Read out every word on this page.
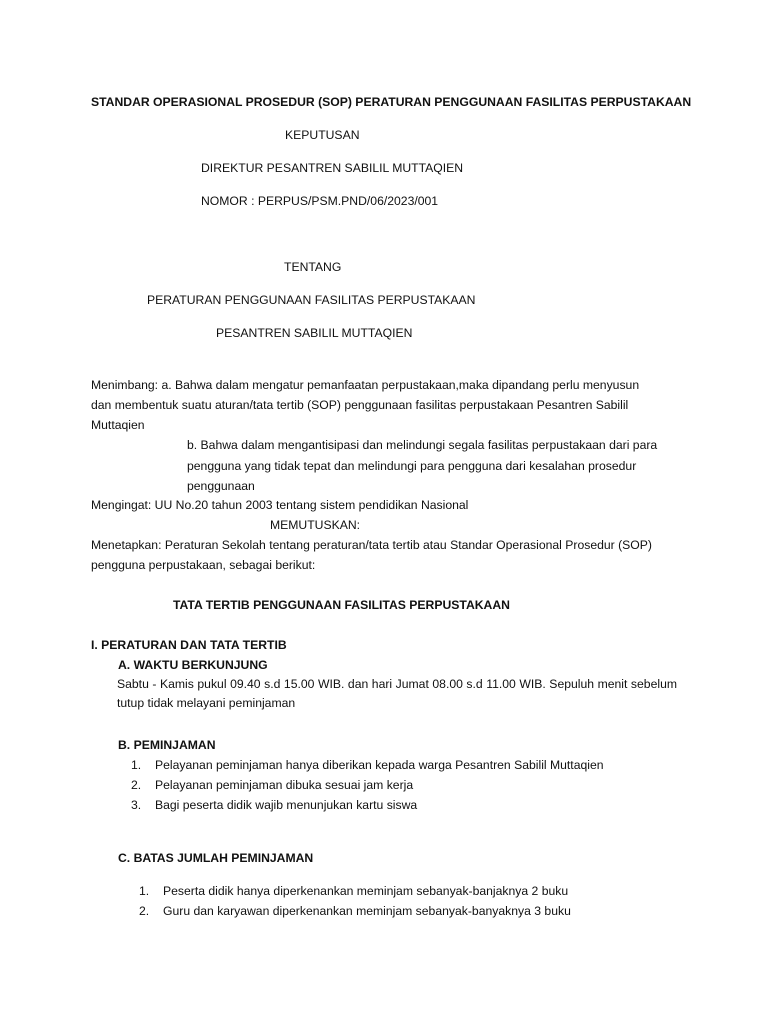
STANDAR OPERASIONAL PROSEDUR (SOP) PERATURAN PENGGUNAAN FASILITAS PERPUSTAKAAN
KEPUTUSAN
DIREKTUR PESANTREN SABILIL MUTTAQIEN
NOMOR : PERPUS/PSM.PND/06/2023/001
TENTANG
PERATURAN PENGGUNAAN FASILITAS PERPUSTAKAAN
PESANTREN SABILIL MUTTAQIEN
Menimbang: a. Bahwa dalam mengatur pemanfaatan perpustakaan,maka dipandang perlu menyusun
dan membentuk suatu aturan/tata tertib (SOP) penggunaan fasilitas perpustakaan Pesantren Sabilil
Muttaqien
b. Bahwa dalam mengantisipasi dan melindungi segala fasilitas perpustakaan dari para
pengguna yang tidak tepat dan melindungi para pengguna dari kesalahan prosedur
penggunaan
Mengingat: UU No.20 tahun 2003 tentang sistem pendidikan Nasional
MEMUTUSKAN:
Menetapkan: Peraturan Sekolah tentang peraturan/tata tertib atau Standar Operasional Prosedur (SOP)
pengguna perpustakaan, sebagai berikut:
TATA TERTIB PENGGUNAAN FASILITAS PERPUSTAKAAN
I. PERATURAN DAN TATA TERTIB
A. WAKTU BERKUNJUNG
Sabtu - Kamis pukul 09.40 s.d 15.00 WIB. dan hari Jumat 08.00 s.d 11.00 WIB. Sepuluh menit sebelum tutup tidak melayani peminjaman
B. PEMINJAMAN
1. Pelayanan peminjaman hanya diberikan kepada warga Pesantren Sabilil Muttaqien
2. Pelayanan peminjaman dibuka sesuai jam kerja
3. Bagi peserta didik wajib menunjukan kartu siswa
C. BATAS JUMLAH PEMINJAMAN
1. Peserta didik hanya diperkenankan meminjam sebanyak-banjaknya 2 buku
2. Guru dan karyawan diperkenankan meminjam sebanyak-banyaknya 3 buku
